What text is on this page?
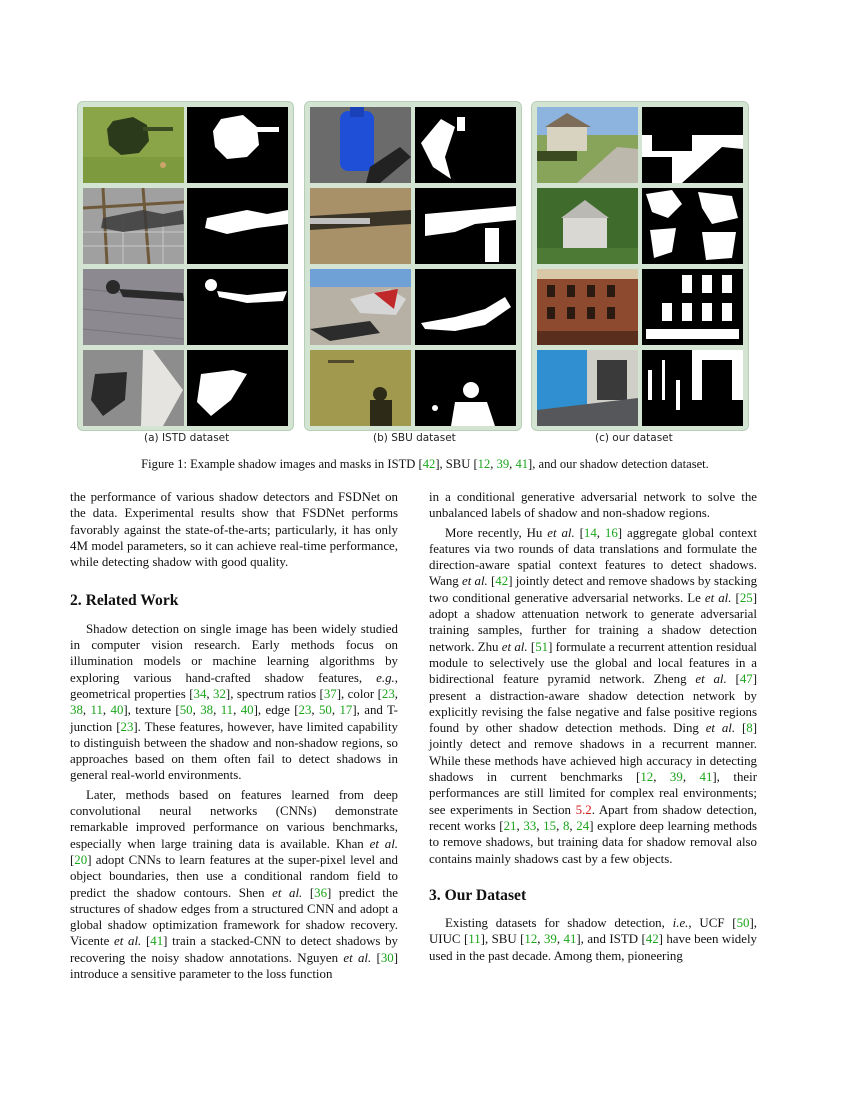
(a) ISTD dataset	(b) SBU dataset	(c) our dataset
Figure 1: Example shadow images and masks in ISTD [42], SBU [12, 39, 41], and our shadow detection dataset.

the performance of various shadow detectors and FSDNet on the data. Experimental results show that FSDNet performs favorably against the state-of-the-arts; particularly, it has only 4M model parameters, so it can achieve real-time performance, while detecting shadow with good quality.

2. Related Work

Shadow detection on single image has been widely studied in computer vision research. Early methods focus on illumination models or machine learning algorithms by exploring various hand-crafted shadow features, e.g., geometrical properties [34, 32], spectrum ratios [37], color [23, 38, 11, 40], texture [50, 38, 11, 40], edge [23, 50, 17], and T-junction [23]. These features, however, have limited capability to distinguish between the shadow and non-shadow regions, so approaches based on them often fail to detect shadows in general real-world environments.

Later, methods based on features learned from deep convolutional neural networks (CNNs) demonstrate remarkable improved performance on various benchmarks, especially when large training data is available. Khan et al. [20] adopt CNNs to learn features at the super-pixel level and object boundaries, then use a conditional random field to predict the shadow contours. Shen et al. [36] predict the structures of shadow edges from a structured CNN and adopt a global shadow optimization framework for shadow recovery. Vicente et al. [41] train a stacked-CNN to detect shadows by recovering the noisy shadow annotations. Nguyen et al. [30] introduce a sensitive parameter to the loss function

in a conditional generative adversarial network to solve the unbalanced labels of shadow and non-shadow regions.

More recently, Hu et al. [14, 16] aggregate global context features via two rounds of data translations and formulate the direction-aware spatial context features to detect shadows. Wang et al. [42] jointly detect and remove shadows by stacking two conditional generative adversarial networks. Le et al. [25] adopt a shadow attenuation network to generate adversarial training samples, further for training a shadow detection network. Zhu et al. [51] formulate a recurrent attention residual module to selectively use the global and local features in a bidirectional feature pyramid network. Zheng et al. [47] present a distraction-aware shadow detection network by explicitly revising the false negative and false positive regions found by other shadow detection methods. Ding et al. [8] jointly detect and remove shadows in a recurrent manner. While these methods have achieved high accuracy in detecting shadows in current benchmarks [12, 39, 41], their performances are still limited for complex real environments; see experiments in Section 5.2. Apart from shadow detection, recent works [21, 33, 15, 8, 24] explore deep learning methods to remove shadows, but training data for shadow removal also contains mainly shadows cast by a few objects.

3. Our Dataset

Existing datasets for shadow detection, i.e., UCF [50], UIUC [11], SBU [12, 39, 41], and ISTD [42] have been widely used in the past decade. Among them, pioneering
